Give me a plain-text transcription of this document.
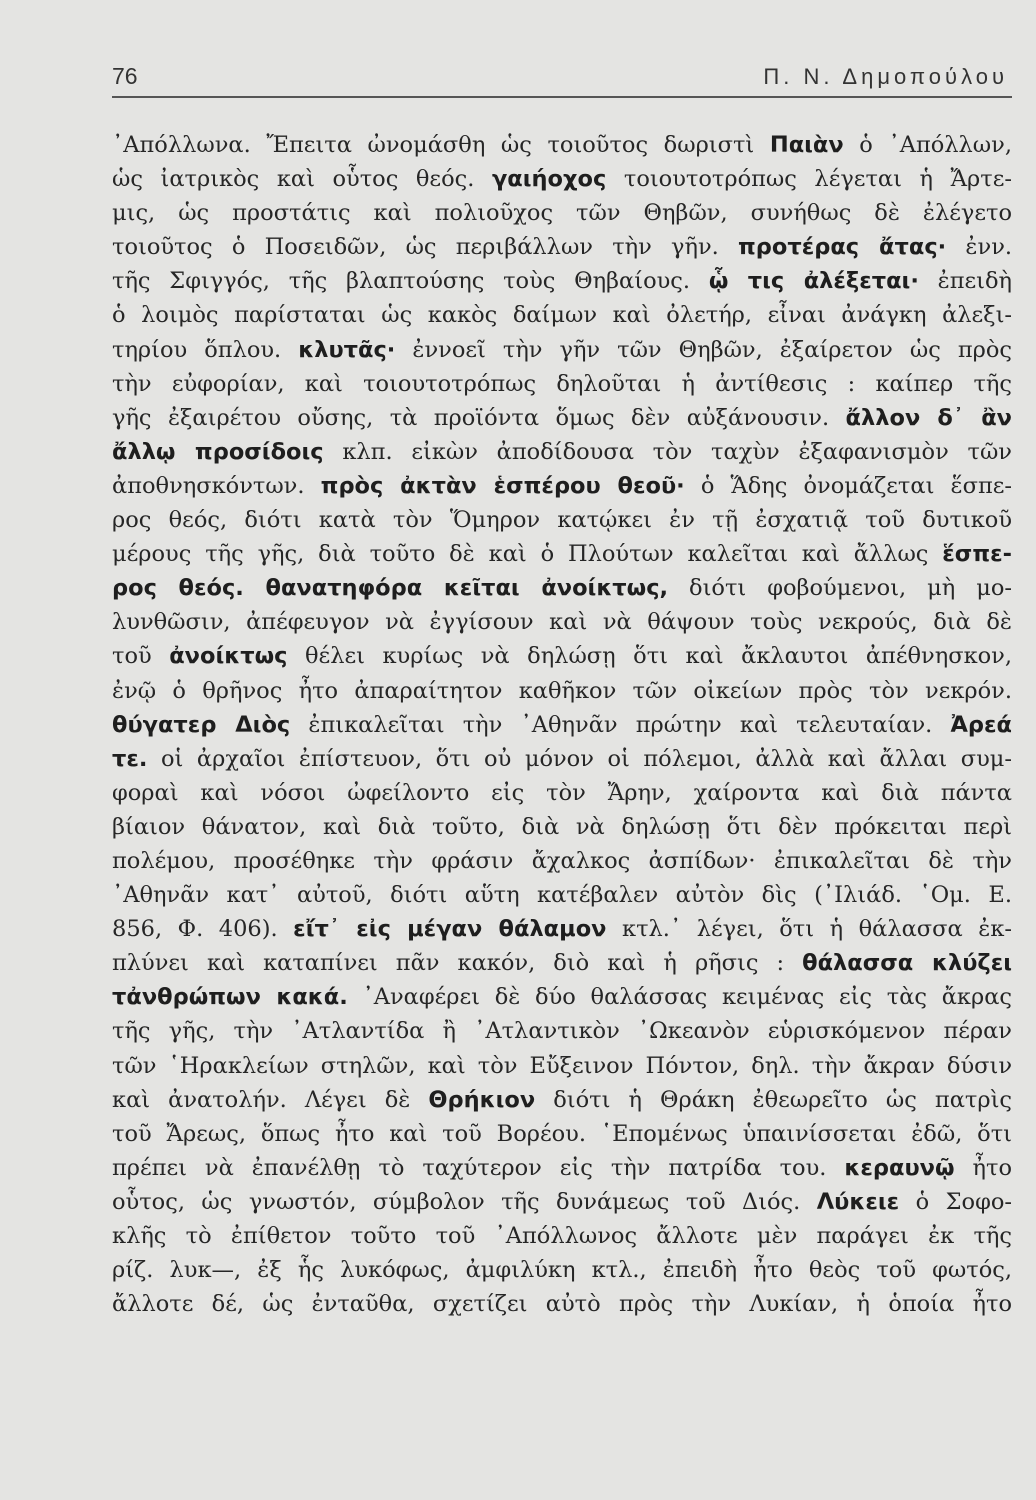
76	Π. Ν. Δημοπούλου
᾿Απόλλωνα. Ἔπειτα ὠνομάσθη ὡς τοιοῦτος δωριστὶ Παιὰν ὁ ᾿Απόλλων,
ὡς ἰατρικὸς καὶ οὗτος θεός. γαιήοχος τοιουτοτρόπως λέγεται ἡ Ἄρτε-
μις, ὡς προστάτις καὶ πολιοῦχος τῶν Θηβῶν, συνήθως δὲ ἐλέγετο
τοιοῦτος ὁ Ποσειδῶν, ὡς περιβάλλων τὴν γῆν. προτέρας ἄτας· ἐνν.
τῆς Σφιγγός, τῆς βλαπτούσης τοὺς Θηβαίους. ᾧ τις ἀλέξεται· ἐπειδὴ
ὁ λοιμὸς παρίσταται ὡς κακὸς δαίμων καὶ ὀλετήρ, εἶναι ἀνάγκη ἀλεξι-
τηρίου ὅπλου. κλυτᾶς· ἐννοεῖ τὴν γῆν τῶν Θηβῶν, ἐξαίρετον ὡς πρὸς
τὴν εὐφορίαν, καὶ τοιουτοτρόπως δηλοῦται ἡ ἀντίθεσις : καίπερ τῆς
γῆς ἐξαιρέτου οὔσης, τὰ προϊόντα ὅμως δὲν αὐξάνουσιν. ἄλλον δ᾿ ἂν
ἄλλῳ προσίδοις κλπ. εἰκὼν ἀποδίδουσα τὸν ταχὺν ἐξαφανισμὸν τῶν
ἀποθνησκόντων. πρὸς ἀκτὰν ἑσπέρου θεοῦ· ὁ Ἅδης ὀνομάζεται ἕσπε-
ρος θεός, διότι κατὰ τὸν Ὅμηρον κατῴκει ἐν τῇ ἐσχατιᾷ τοῦ δυτικοῦ
μέρους τῆς γῆς, διὰ τοῦτο δὲ καὶ ὁ Πλούτων καλεῖται καὶ ἄλλως ἕσπε-
ρος θεός. θανατηφόρα κεῖται ἀνοίκτως, διότι φοβούμενοι, μὴ μο-
λυνθῶσιν, ἀπέφευγον νὰ ἐγγίσουν καὶ νὰ θάψουν τοὺς νεκρούς, διὰ δὲ
τοῦ ἀνοίκτως θέλει κυρίως νὰ δηλώσῃ ὅτι καὶ ἄκλαυτοι ἀπέθνησκον,
ἐνῷ ὁ θρῆνος ἦτο ἀπαραίτητον καθῆκον τῶν οἰκείων πρὸς τὸν νεκρόν.
θύγατερ Διὸς ἐπικαλεῖται τὴν ᾿Αθηνᾶν πρώτην καὶ τελευταίαν. Ἀρεά
τε. οἱ ἀρχαῖοι ἐπίστευον, ὅτι οὐ μόνον οἱ πόλεμοι, ἀλλὰ καὶ ἄλλαι συμ-
φοραὶ καὶ νόσοι ὠφείλοντο εἰς τὸν Ἄρην, χαίροντα καὶ διὰ πάντα
βίαιον θάνατον, καὶ διὰ τοῦτο, διὰ νὰ δηλώσῃ ὅτι δὲν πρόκειται περὶ
πολέμου, προσέθηκε τὴν φράσιν ἄχαλκος ἀσπίδων· ἐπικαλεῖται δὲ τὴν
᾿Αθηνᾶν κατ᾿ αὐτοῦ, διότι αὕτη κατέβαλεν αὐτὸν δὶς (᾿Ιλιάδ. ῾Ομ. Ε.
856, Φ. 406). εἴτ᾿ εἰς μέγαν θάλαμον κτλ.᾿ λέγει, ὅτι ἡ θάλασσα ἐκ-
πλύνει καὶ καταπίνει πᾶν κακόν, διὸ καὶ ἡ ρῆσις : θάλασσα κλύζει
τἀνθρώπων κακά. ᾿Αναφέρει δὲ δύο θαλάσσας κειμένας εἰς τὰς ἄκρας
τῆς γῆς, τὴν ᾿Ατλαντίδα ἢ ᾿Ατλαντικὸν ᾿Ωκεανὸν εὑρισκόμενον πέραν
τῶν ῾Ηρακλείων στηλῶν, καὶ τὸν Εὔξεινον Πόντον, δηλ. τὴν ἄκραν δύσιν
καὶ ἀνατολήν. Λέγει δὲ Θρήκιον διότι ἡ Θράκη ἐθεωρεῖτο ὡς πατρὶς
τοῦ Ἄρεως, ὅπως ἦτο καὶ τοῦ Βορέου. ῾Επομένως ὑπαινίσσεται ἐδῶ, ὅτι
πρέπει νὰ ἐπανέλθῃ τὸ ταχύτερον εἰς τὴν πατρίδα του. κεραυνῷ ἦτο
οὗτος, ὡς γνωστόν, σύμβολον τῆς δυνάμεως τοῦ Διός. Λύκειε ὁ Σοφο-
κλῆς τὸ ἐπίθετον τοῦτο τοῦ ᾿Απόλλωνος ἄλλοτε μὲν παράγει ἐκ τῆς
ρίζ. λυκ—, ἐξ ἧς λυκόφως, ἀμφιλύκη κτλ., ἐπειδὴ ἦτο θεὸς τοῦ φωτός,
ἄλλοτε δέ, ὡς ἐνταῦθα, σχετίζει αὐτὸ πρὸς τὴν Λυκίαν, ἡ ὁποία ἦτο
